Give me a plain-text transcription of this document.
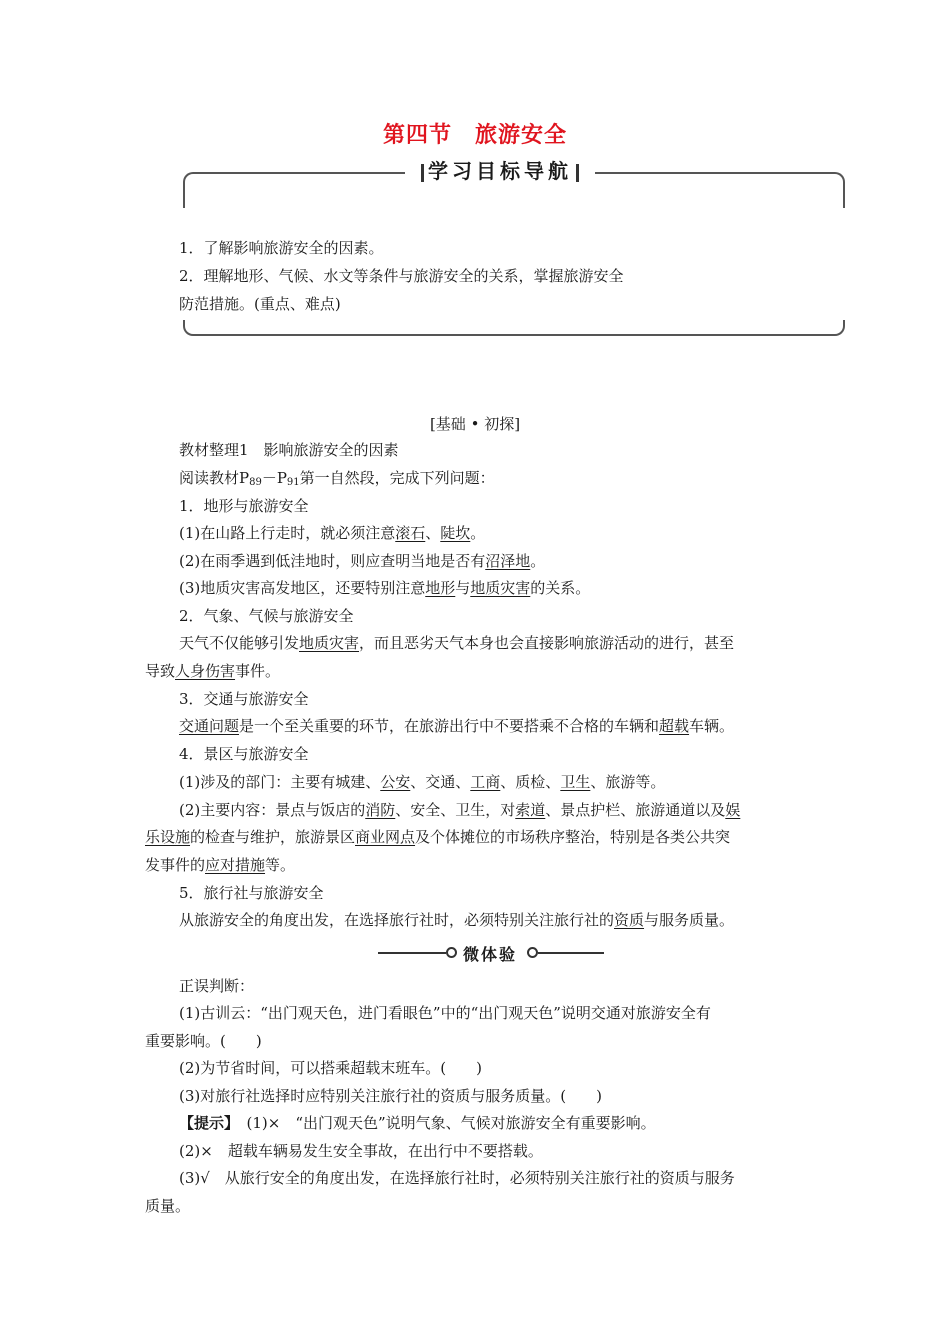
第四节　旅游安全
学习目标导航
1．了解影响旅游安全的因素。
2．理解地形、气候、水文等条件与旅游安全的关系，掌握旅游安全
防范措施。(重点、难点)
[基础 • 初探]
教材整理1　影响旅游安全的因素
阅读教材$P_{89}-P_{91}$第一自然段，完成下列问题：
1．地形与旅游安全
(1)在山路上行走时，就必须注意滚石、陡坎。
(2)在雨季遇到低洼地时，则应查明当地是否有沼泽地。
(3)地质灾害高发地区，还要特别注意地形与地质灾害的关系。
2．气象、气候与旅游安全
天气不仅能够引发地质灾害，而且恶劣天气本身也会直接影响旅游活动的进行，甚至
导致人身伤害事件。
3．交通与旅游安全
交通问题是一个至关重要的环节，在旅游出行中不要搭乘不合格的车辆和超载车辆。
4．景区与旅游安全
(1)涉及的部门：主要有城建、公安、交通、工商、质检、卫生、旅游等。
(2)主要内容：景点与饭店的消防、安全、卫生，对索道、景点护栏、旅游通道以及娱
乐设施的检查与维护，旅游景区商业网点及个体摊位的市场秩序整治，特别是各类公共突
发事件的应对措施等。
5．旅行社与旅游安全
从旅游安全的角度出发，在选择旅行社时，必须特别关注旅行社的资质与服务质量。
微体验
正误判断：
(1)古训云：“出门观天色，进门看眼色”中的“出门观天色”说明交通对旅游安全有
重要影响。(　　)
(2)为节省时间，可以搭乘超载末班车。(　　)
(3)对旅行社选择时应特别关注旅行社的资质与服务质量。(　　)
【提示】　(1)×　“出门观天色”说明气象、气候对旅游安全有重要影响。
(2)×　超载车辆易发生安全事故，在出行中不要搭载。
(3)√　从旅行安全的角度出发，在选择旅行社时，必须特别关注旅行社的资质与服务
质量。
